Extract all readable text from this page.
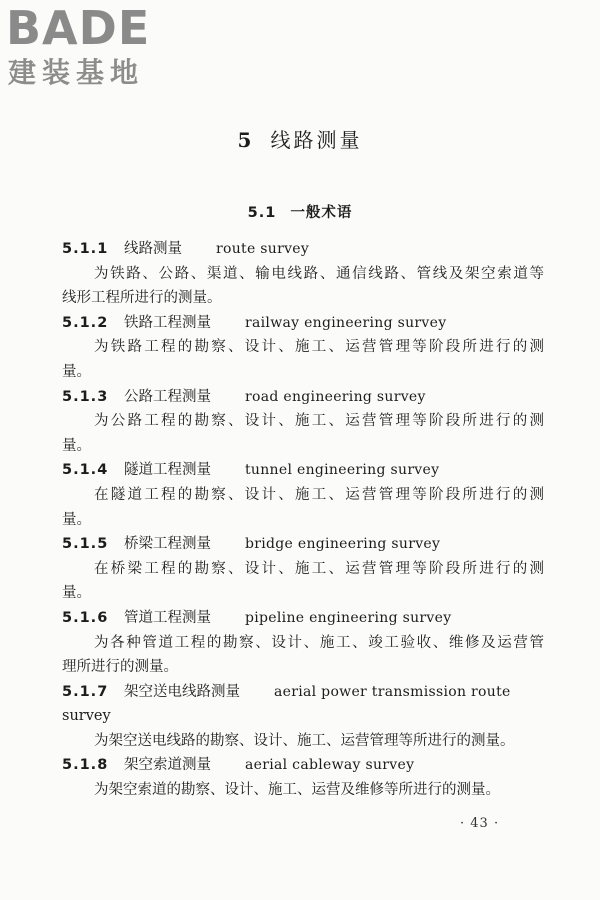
BADE
建装基地
5 线路测量
5.1 一般术语
5.1.1 线路测量 route survey
为铁路、公路、渠道、输电线路、通信线路、管线及架空索道等
线形工程所进行的测量。
5.1.2 铁路工程测量 railway engineering survey
为铁路工程的勘察、设计、施工、运营管理等阶段所进行的测
量。
5.1.3 公路工程测量 road engineering survey
为公路工程的勘察、设计、施工、运营管理等阶段所进行的测
量。
5.1.4 隧道工程测量 tunnel engineering survey
在隧道工程的勘察、设计、施工、运营管理等阶段所进行的测
量。
5.1.5 桥梁工程测量 bridge engineering survey
在桥梁工程的勘察、设计、施工、运营管理等阶段所进行的测
量。
5.1.6 管道工程测量 pipeline engineering survey
为各种管道工程的勘察、设计、施工、竣工验收、维修及运营管
理所进行的测量。
5.1.7 架空送电线路测量 aerial power transmission route
survey
为架空送电线路的勘察、设计、施工、运营管理等所进行的测量。
5.1.8 架空索道测量 aerial cableway survey
为架空索道的勘察、设计、施工、运营及维修等所进行的测量。
· 43 ·
